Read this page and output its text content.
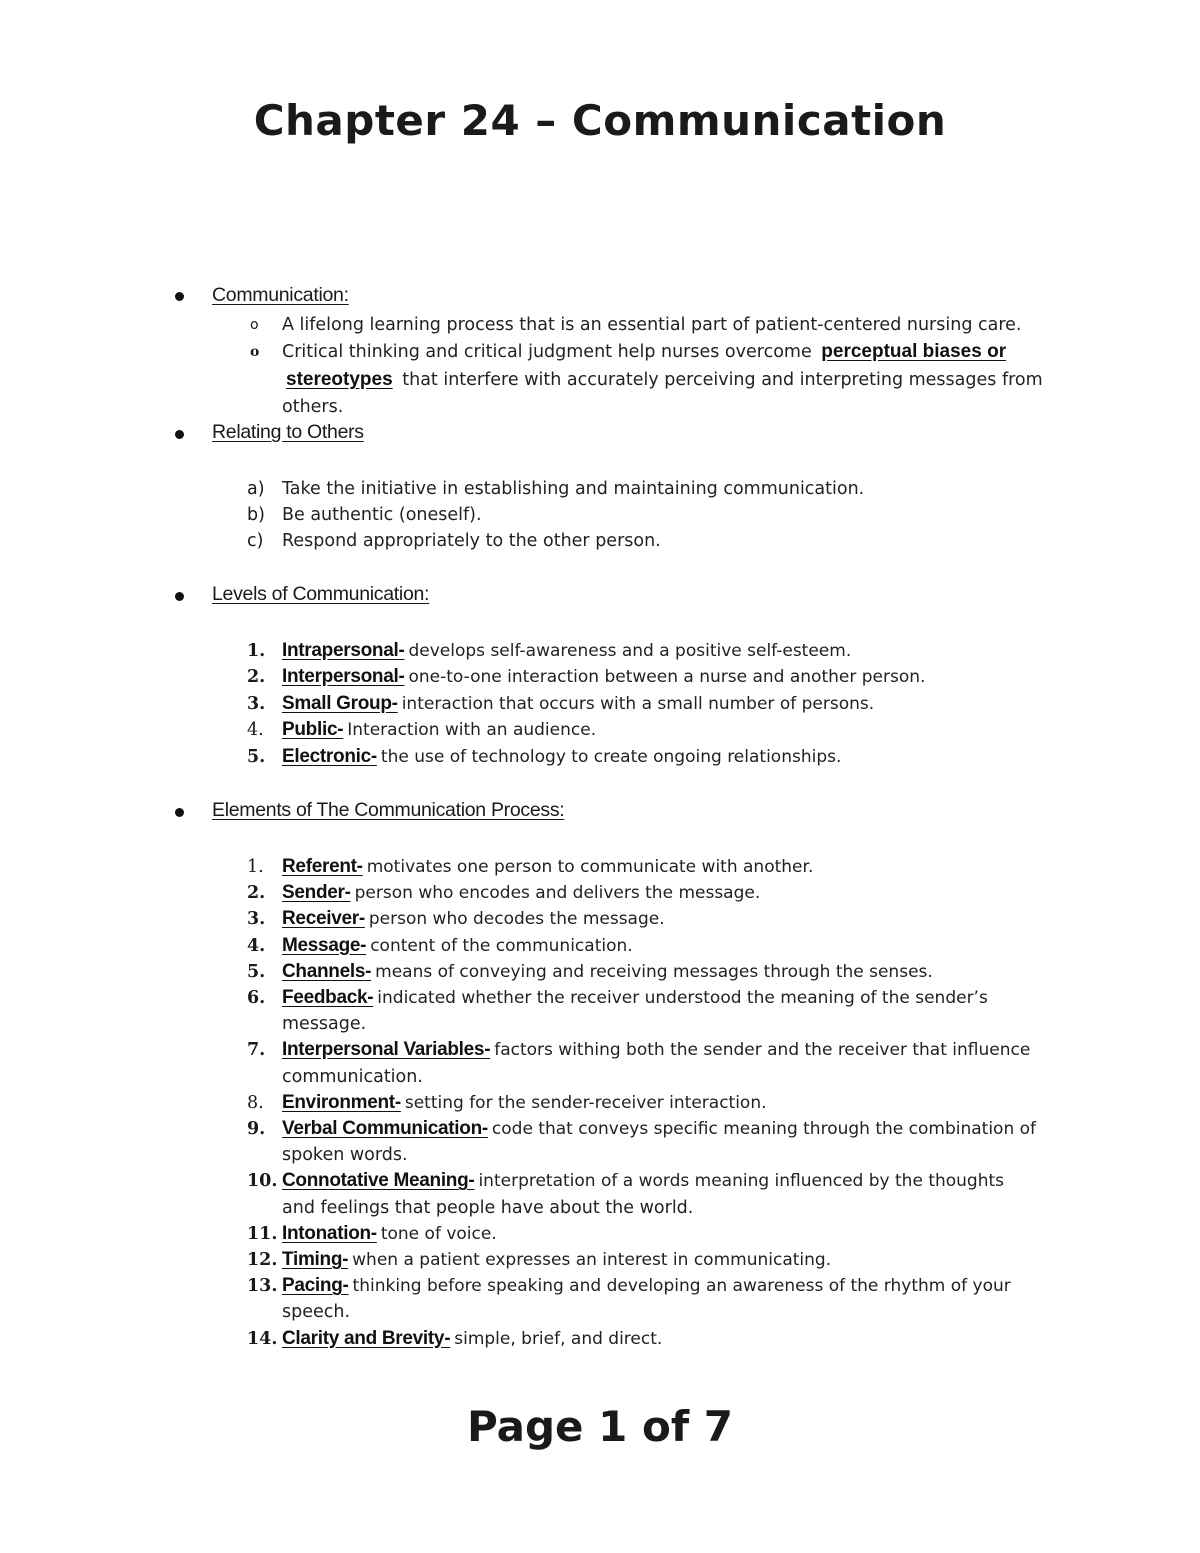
Chapter 24 – Communication
Communication:
o A lifelong learning process that is an essential part of patient-centered nursing care.
o Critical thinking and critical judgment help nurses overcome perceptual biases or
stereotypes that interfere with accurately perceiving and interpreting messages from
others.
Relating to Others
a) Take the initiative in establishing and maintaining communication.
b) Be authentic (oneself).
c) Respond appropriately to the other person.
Levels of Communication:
1. Intrapersonal- develops self-awareness and a positive self-esteem.
2. Interpersonal- one-to-one interaction between a nurse and another person.
3. Small Group- interaction that occurs with a small number of persons.
4. Public- Interaction with an audience.
5. Electronic- the use of technology to create ongoing relationships.
Elements of The Communication Process:
1. Referent- motivates one person to communicate with another.
2. Sender- person who encodes and delivers the message.
3. Receiver- person who decodes the message.
4. Message- content of the communication.
5. Channels- means of conveying and receiving messages through the senses.
6. Feedback- indicated whether the receiver understood the meaning of the sender’s
message.
7. Interpersonal Variables- factors withing both the sender and the receiver that influence
communication.
8. Environment- setting for the sender-receiver interaction.
9. Verbal Communication- code that conveys specific meaning through the combination of
spoken words.
10. Connotative Meaning- interpretation of a words meaning influenced by the thoughts
and feelings that people have about the world.
11. Intonation- tone of voice.
12. Timing- when a patient expresses an interest in communicating.
13. Pacing- thinking before speaking and developing an awareness of the rhythm of your
speech.
14. Clarity and Brevity- simple, brief, and direct.
Page 1 of 7
